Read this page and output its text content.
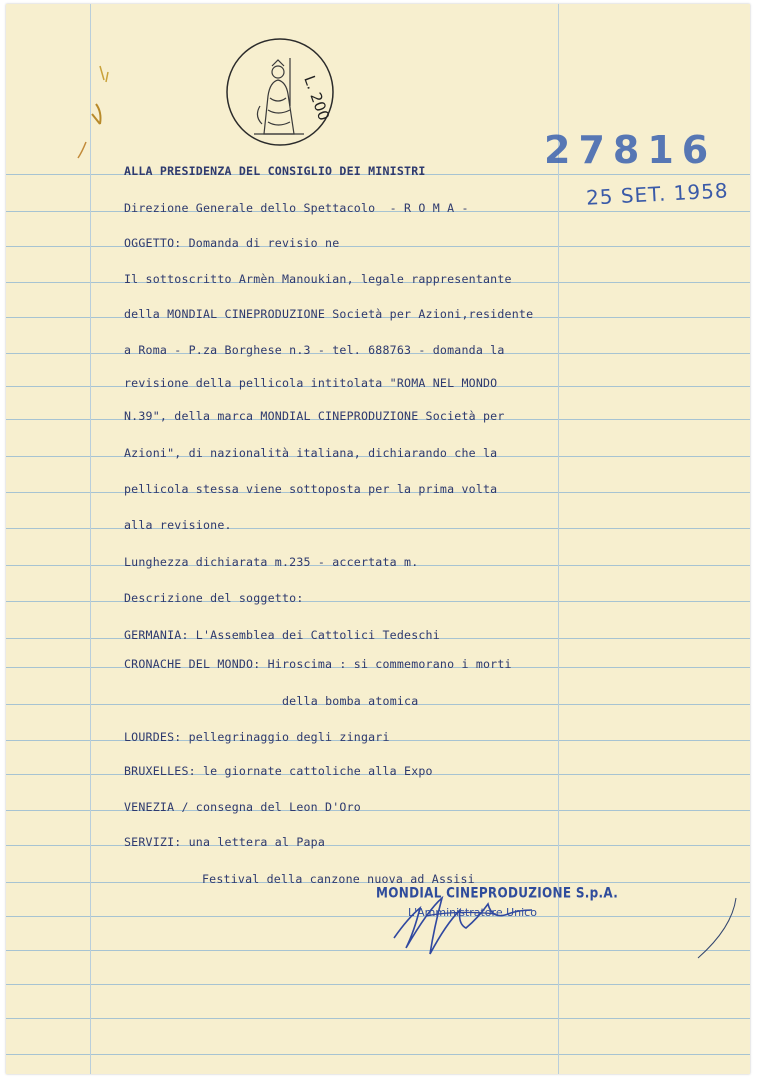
L. 200
27816
25 SET. 1958
ALLA PRESIDENZA DEL CONSIGLIO DEI MINISTRI
Direzione Generale dello Spettacolo  - R O M A -
OGGETTO: Domanda di revisio ne
Il sottoscritto Armèn Manoukian, legale rappresentante
della MONDIAL CINEPRODUZIONE Società per Azioni,residente
a Roma - P.za Borghese n.3 - tel. 688763 - domanda la
revisione della pellicola intitolata "ROMA NEL MONDO
N.39", della marca MONDIAL CINEPRODUZIONE Società per
Azioni", di nazionalità italiana, dichiarando che la
pellicola stessa viene sottoposta per la prima volta
alla revisione.
Lunghezza dichiarata m.235 - accertata m.
Descrizione del soggetto:
GERMANIA: L'Assemblea dei Cattolici Tedeschi
CRONACHE DEL MONDO: Hiroscima : si commemorano i morti
della bomba atomica
LOURDES: pellegrinaggio degli zingari
BRUXELLES: le giornate cattoliche alla Expo
VENEZIA / consegna del Leon D'Oro
SERVIZI: una lettera al Papa
Festival della canzone nuova ad Assisi
MONDIAL CINEPRODUZIONE S.p.A.
L'Amministratore Unico
